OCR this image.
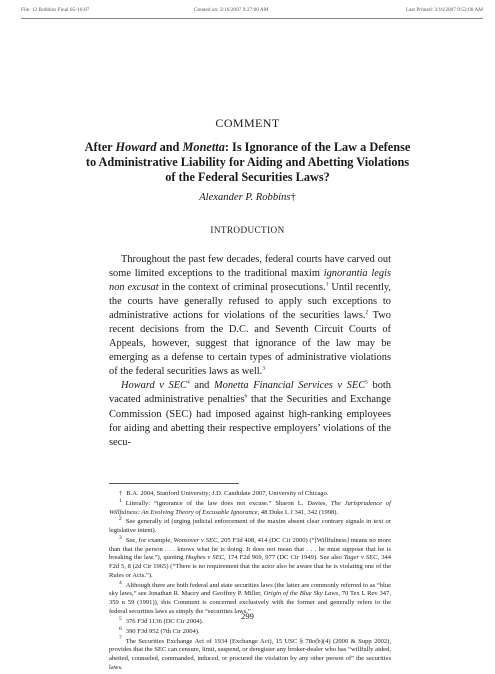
File: 12 Robbins Final 05-16-07	Created on: 3/16/2007 9:27:00 AM	Last Printed: 3/16/2007 9:52:00 AM
COMMENT
After Howard and Monetta: Is Ignorance of the Law a Defense to Administrative Liability for Aiding and Abetting Violations of the Federal Securities Laws?
Alexander P. Robbins†
INTRODUCTION

Throughout the past few decades, federal courts have carved out some limited exceptions to the traditional maxim ignorantia legis non excusat in the context of criminal prosecutions.$^1$ Until recently, the courts have generally refused to apply such exceptions to administrative actions for violations of the securities laws.$^2$ Two recent decisions from the D.C. and Seventh Circuit Courts of Appeals, however, suggest that ignorance of the law may be emerging as a defense to certain types of administrative violations of the federal securities laws as well.$^3$

Howard v SEC$^4$ and Monetta Financial Services v SEC$^5$ both vacated administrative penalties$^6$ that the Securities and Exchange Commission (SEC) had imposed against high-ranking employees for aiding and abetting their respective employers’ violations of the secu-

† B.A. 2004, Stanford University; J.D. Candidate 2007, University of Chicago.

$^1$ Literally: “ignorance of the law does not excuse.” Sharon L. Davies, The Jurisprudence of Willfulness: An Evolving Theory of Excusable Ignorance, 48 Duke L J 341, 342 (1998).

$^2$ See generally id (urging judicial enforcement of the maxim absent clear contrary signals in text or legislative intent).

$^3$ See, for example, Wonsover v SEC, 205 F3d 408, 414 (DC Cir 2000) (“[Willfulness] means no more than that the person . . . knows what he is doing. It does not mean that . . . he must suppose that he is breaking the law.”), quoting Hughes v SEC, 174 F2d 969, 977 (DC Cir 1949). See also Tager v SEC, 344 F2d 5, 8 (2d Cir 1965) (“There is no requirement that the actor also be aware that he is violating one of the Rules or Acts.”).

$^4$ Although there are both federal and state securities laws (the latter are commonly referred to as “blue sky laws,” see Jonathan R. Macey and Geoffrey P. Miller, Origin of the Blue Sky Laws, 70 Tex L Rev 347, 359 n 59 (1991)), this Comment is concerned exclusively with the former and generally refers to the federal securities laws as simply the “securities laws.”

$^5$ 376 F3d 1136 (DC Cir 2004).

$^6$ 390 F3d 952 (7th Cir 2004).

$^7$ The Securities Exchange Act of 1934 (Exchange Act), 15 USC § 78o(b)(4) (2000 & Supp 2002), provides that the SEC can censure, limit, suspend, or deregister any broker-dealer who has “willfully aided, abetted, counseled, commanded, induced, or procured the violation by any other person of” the securities laws.

299
